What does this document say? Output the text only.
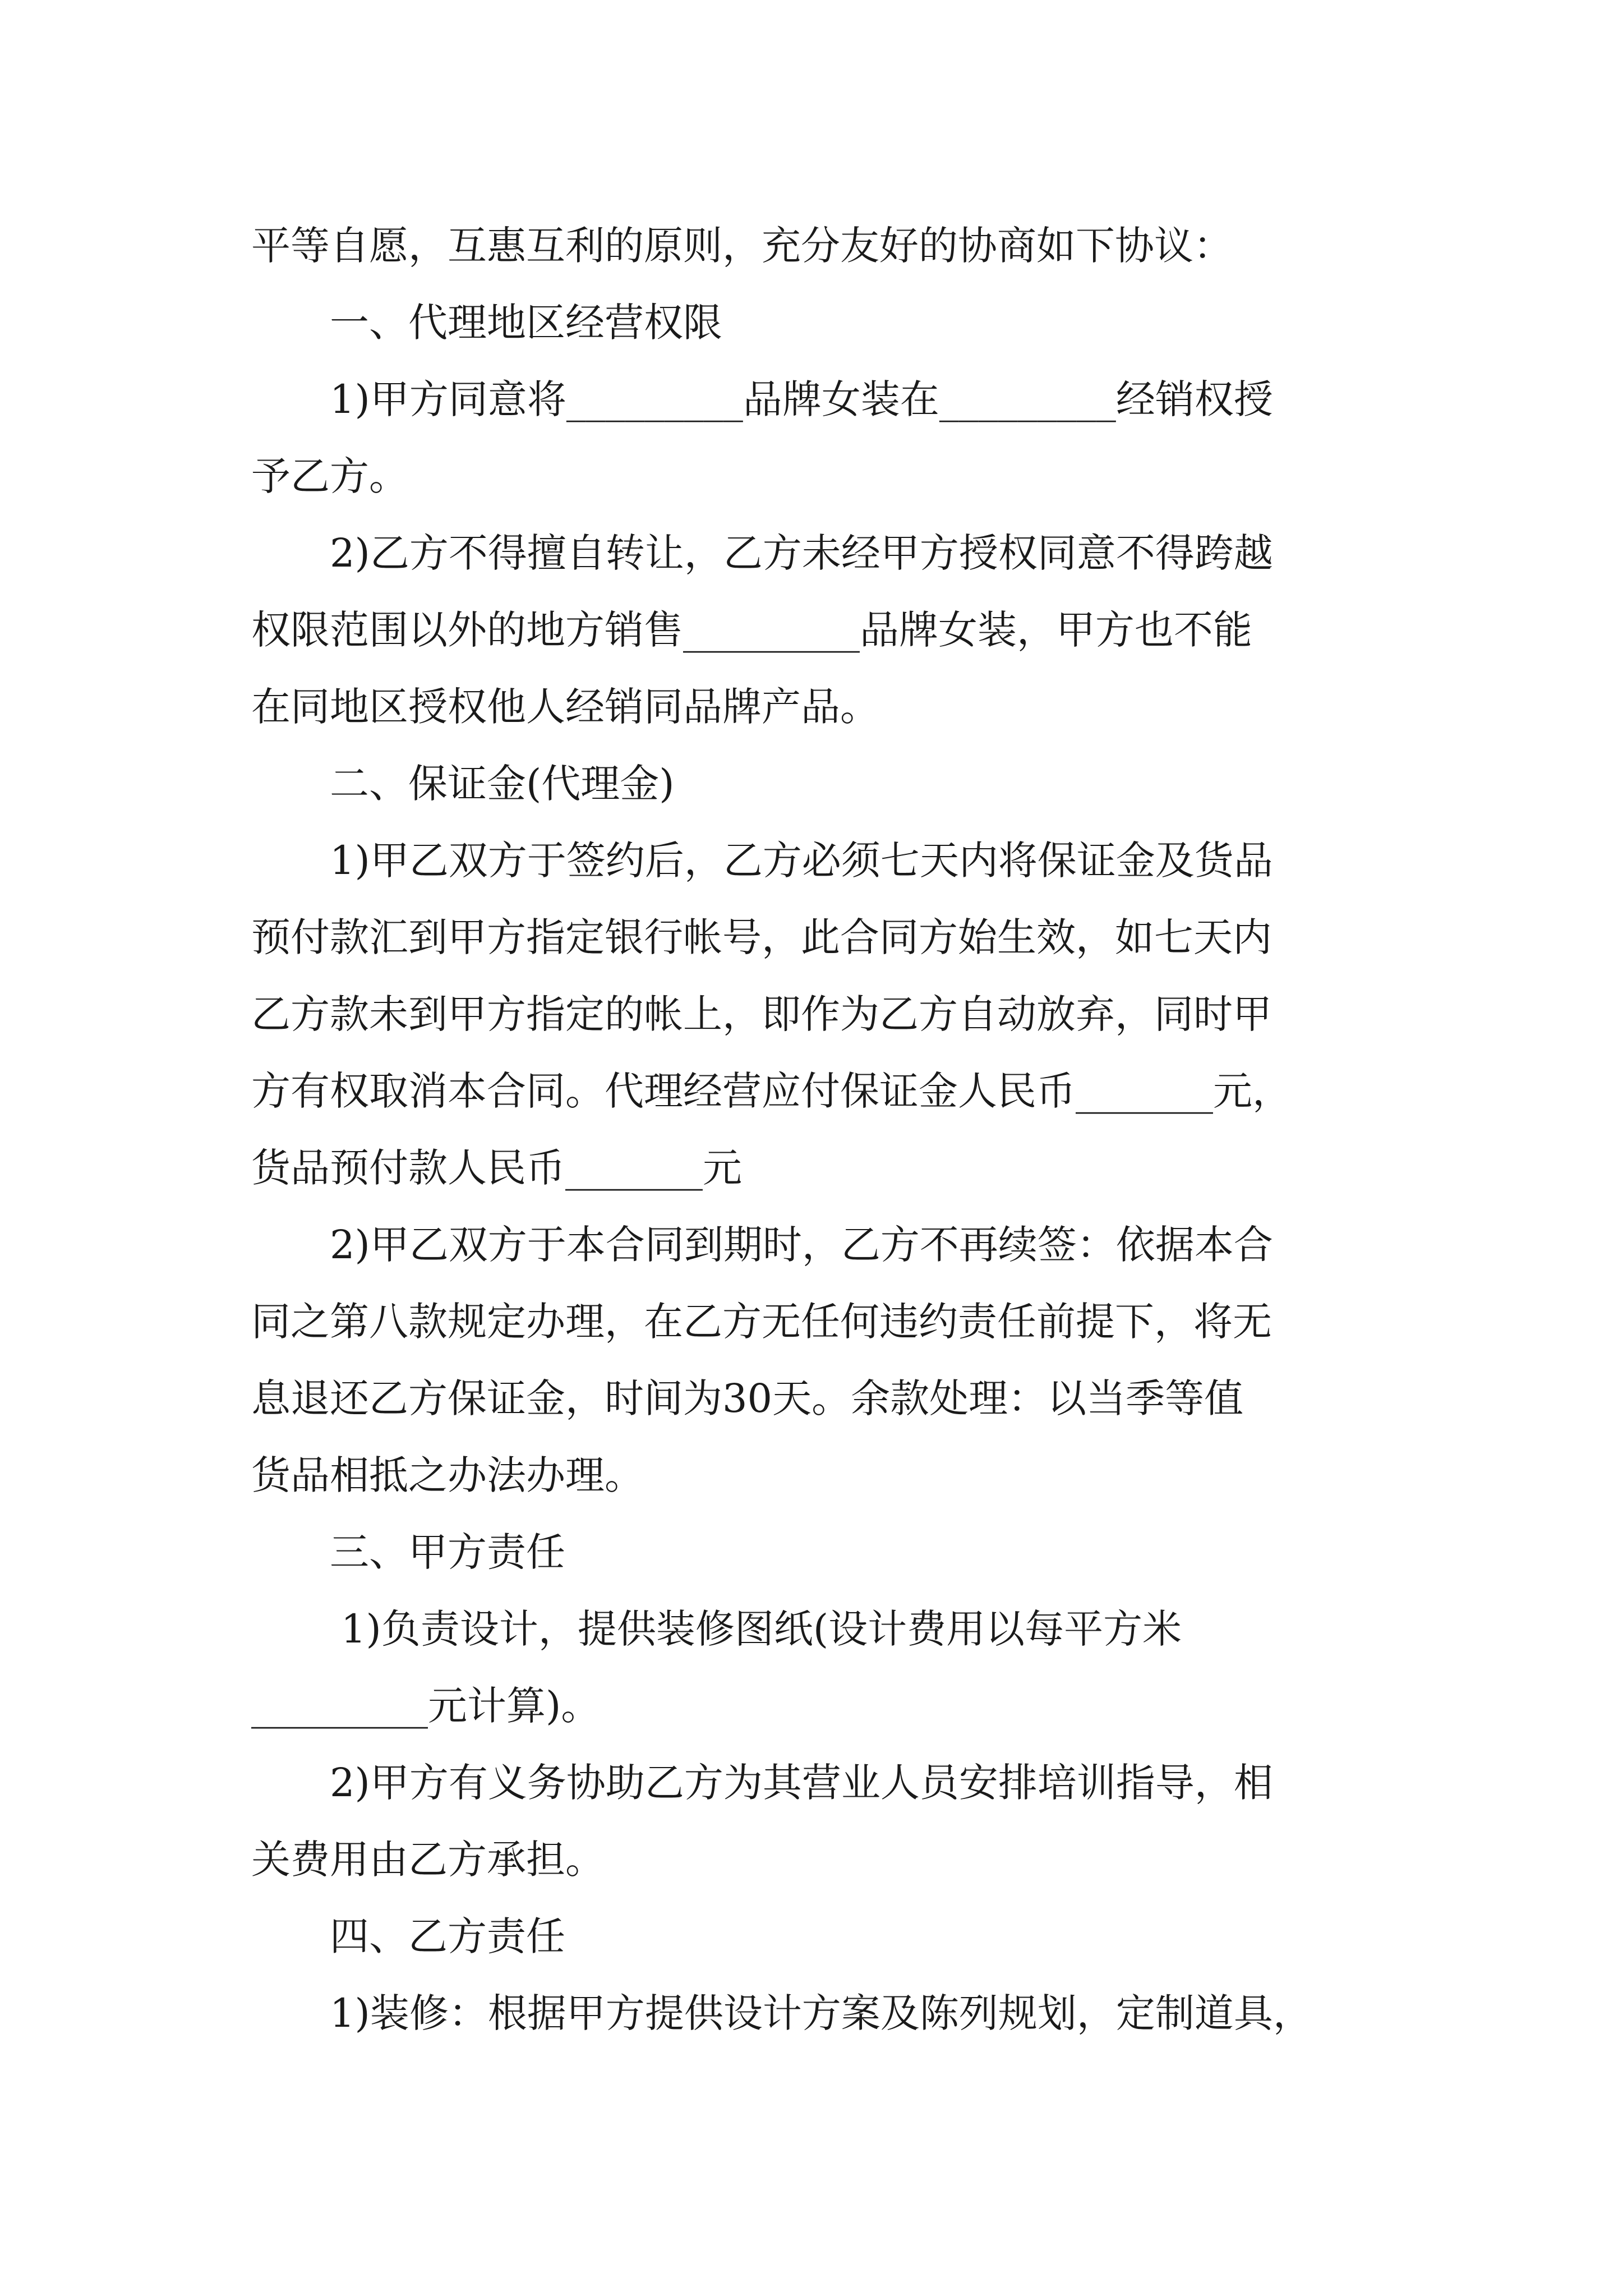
平等自愿，互惠互利的原则，充分友好的协商如下协议：
一、代理地区经营权限
1)甲方同意将_________品牌女装在_________经销权授
予乙方。
2)乙方不得擅自转让，乙方未经甲方授权同意不得跨越
权限范围以外的地方销售_________品牌女装，甲方也不能
在同地区授权他人经销同品牌产品。
二、保证金(代理金)
1)甲乙双方于签约后，乙方必须七天内将保证金及货品
预付款汇到甲方指定银行帐号，此合同方始生效，如七天内
乙方款未到甲方指定的帐上，即作为乙方自动放弃，同时甲
方有权取消本合同。代理经营应付保证金人民币_______元，
货品预付款人民币_______元
2)甲乙双方于本合同到期时，乙方不再续签：依据本合
同之第八款规定办理，在乙方无任何违约责任前提下，将无
息退还乙方保证金，时间为30天。余款处理：以当季等值
货品相抵之办法办理。
三、甲方责任
1)负责设计，提供装修图纸(设计费用以每平方米
_________元计算)。
2)甲方有义务协助乙方为其营业人员安排培训指导，相
关费用由乙方承担。
四、乙方责任
1)装修：根据甲方提供设计方案及陈列规划，定制道具，
